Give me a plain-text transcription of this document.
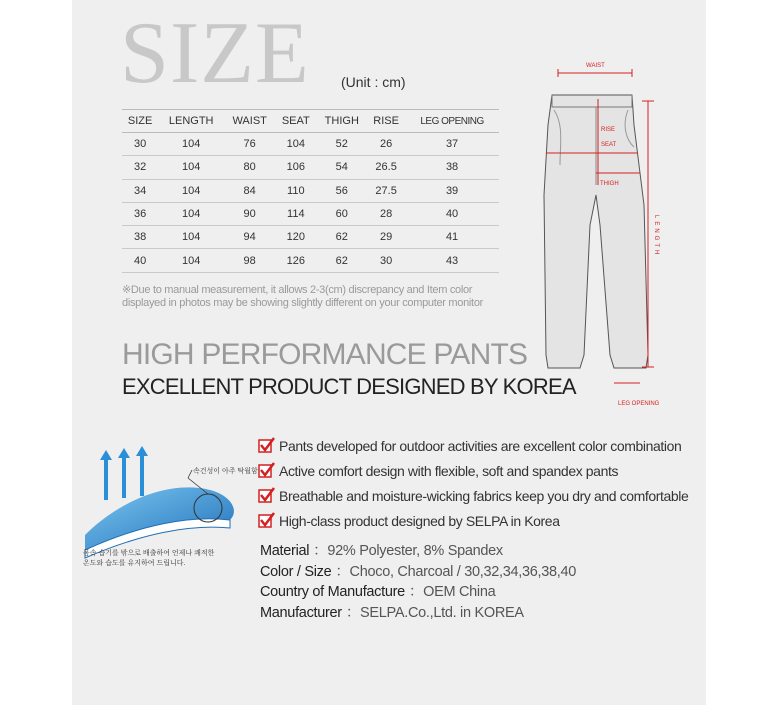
SIZE (Unit : cm)
SIZE	LENGTH	WAIST	SEAT	THIGH	RISE	LEG OPENING
30	104	76	104	52	26	37
32	104	80	106	54	26.5	38
34	104	84	110	56	27.5	39
36	104	90	114	60	28	40
38	104	94	120	62	29	41
40	104	98	126	62	30	43
※Due to manual measurement, it allows 2-3(cm) discrepancy and Item color displayed in photos may be showing slightly different on your computer monitor
HIGH PERFORMANCE PANTS
EXCELLENT PRODUCT DESIGNED BY KOREA
WAIST
RISE
SEAT
THIGH
LENGTH
LEG OPENING
속건성이 아주 탁월함
몸속 습기를 밖으로 배출하여 언제나 쾌적한 온도와 습도를 유지하여 드립니다.
Pants developed for outdoor activities are excellent color combination
Active comfort design with flexible, soft and spandex pants
Breathable and moisture-wicking fabrics keep you dry and comfortable
High-class product designed by SELPA in Korea
Material ：92% Polyester, 8% Spandex
Color / Size ：Choco, Charcoal / 30,32,34,36,38,40
Country of Manufacture ：OEM China
Manufacturer ：SELPA.Co.,Ltd. in KOREA
